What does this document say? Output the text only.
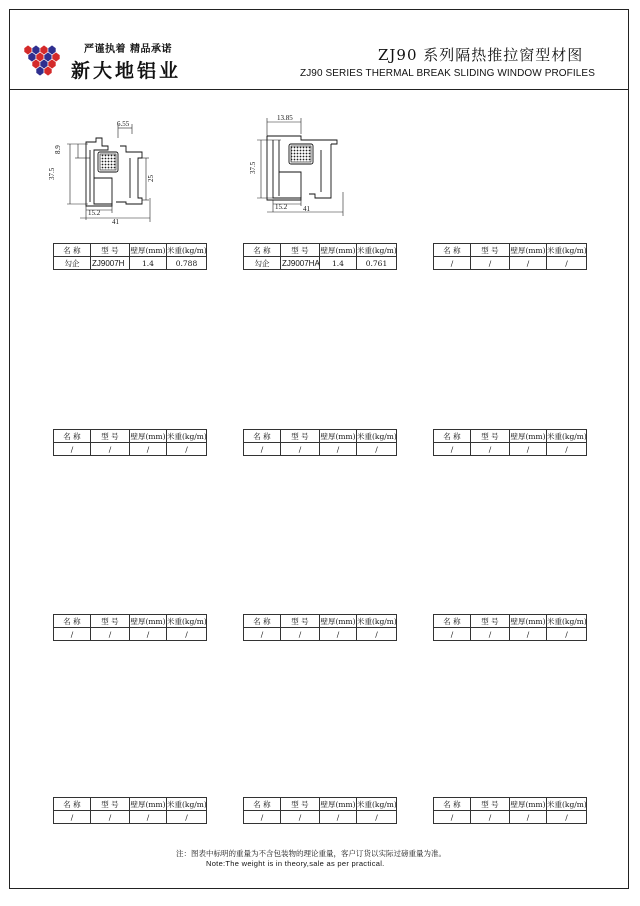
严谨执着 精品承诺
新大地铝业
ZJ90 系列隔热推拉窗型材图
ZJ90 SERIES THERMAL BREAK SLIDING WINDOW PROFILES
6.55
8.9
37.5	25
15.2
41
13.85
37.5
15.2 41
名 称	型 号	壁厚(mm)	米重(kg/m)
勾企	ZJ9007H	1.4	0.788
名 称	型 号	壁厚(mm)	米重(kg/m)
勾企	ZJ9007HA	1.4	0.761
名 称	型 号	壁厚(mm)	米重(kg/m)
/	/	/	/
名 称	型 号	壁厚(mm)	米重(kg/m)
/	/	/	/
名 称	型 号	壁厚(mm)	米重(kg/m)
/	/	/	/
名 称	型 号	壁厚(mm)	米重(kg/m)
/	/	/	/
名 称	型 号	壁厚(mm)	米重(kg/m)
/	/	/	/
名 称	型 号	壁厚(mm)	米重(kg/m)
/	/	/	/
名 称	型 号	壁厚(mm)	米重(kg/m)
/	/	/	/
名 称	型 号	壁厚(mm)	米重(kg/m)
/	/	/	/
名 称	型 号	壁厚(mm)	米重(kg/m)
/	/	/	/
名 称	型 号	壁厚(mm)	米重(kg/m)
/	/	/	/
注：图表中标明的重量为不含包装物的理论重量，客户订货以实际过磅重量为准。
Note:The weight is in theory,sale as per practical.
